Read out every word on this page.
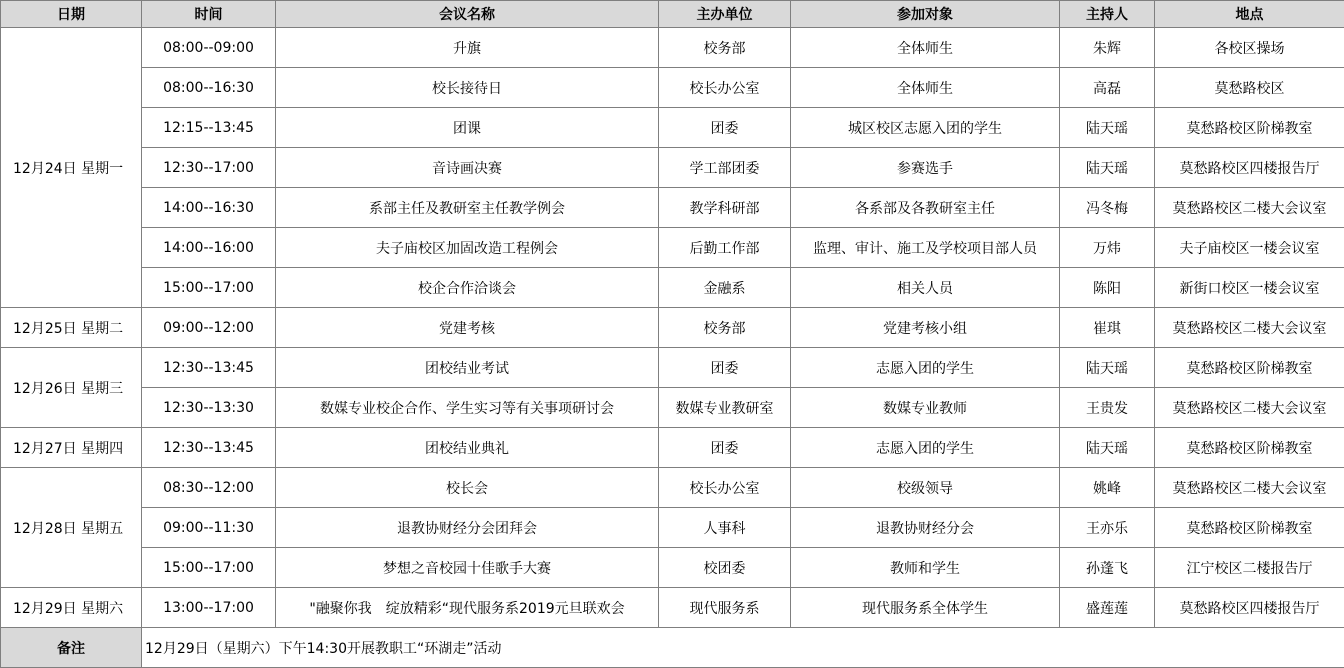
日期	时间	会议名称	主办单位	参加对象	主持人	地点
12月24日 星期一	08:00--09:00	升旗	校务部	全体师生	朱辉	各校区操场
	08:00--16:30	校长接待日	校长办公室	全体师生	高磊	莫愁路校区
	12:15--13:45	团课	团委	城区校区志愿入团的学生	陆天瑶	莫愁路校区阶梯教室
	12:30--17:00	音诗画决赛	学工部团委	参赛选手	陆天瑶	莫愁路校区四楼报告厅
	14:00--16:30	系部主任及教研室主任教学例会	教学科研部	各系部及各教研室主任	冯冬梅	莫愁路校区二楼大会议室
	14:00--16:00	夫子庙校区加固改造工程例会	后勤工作部	监理、审计、施工及学校项目部人员	万炜	夫子庙校区一楼会议室
	15:00--17:00	校企合作洽谈会	金融系	相关人员	陈阳	新街口校区一楼会议室
12月25日 星期二	09:00--12:00	党建考核	校务部	党建考核小组	崔琪	莫愁路校区二楼大会议室
12月26日 星期三	12:30--13:45	团校结业考试	团委	志愿入团的学生	陆天瑶	莫愁路校区阶梯教室
	12:30--13:30	数媒专业校企合作、学生实习等有关事项研讨会	数媒专业教研室	数媒专业教师	王贵发	莫愁路校区二楼大会议室
12月27日 星期四	12:30--13:45	团校结业典礼	团委	志愿入团的学生	陆天瑶	莫愁路校区阶梯教室
12月28日 星期五	08:30--12:00	校长会	校长办公室	校级领导	姚峰	莫愁路校区二楼大会议室
	09:00--11:30	退教协财经分会团拜会	人事科	退教协财经分会	王亦乐	莫愁路校区阶梯教室
	15:00--17:00	梦想之音校园十佳歌手大赛	校团委	教师和学生	孙蓬飞	江宁校区二楼报告厅
12月29日 星期六	13:00--17:00	"融聚你我　绽放精彩“现代服务系2019元旦联欢会	现代服务系	现代服务系全体学生	盛莲莲	莫愁路校区四楼报告厅
备注	12月29日（星期六）下午14:30开展教职工“环湖走”活动					
